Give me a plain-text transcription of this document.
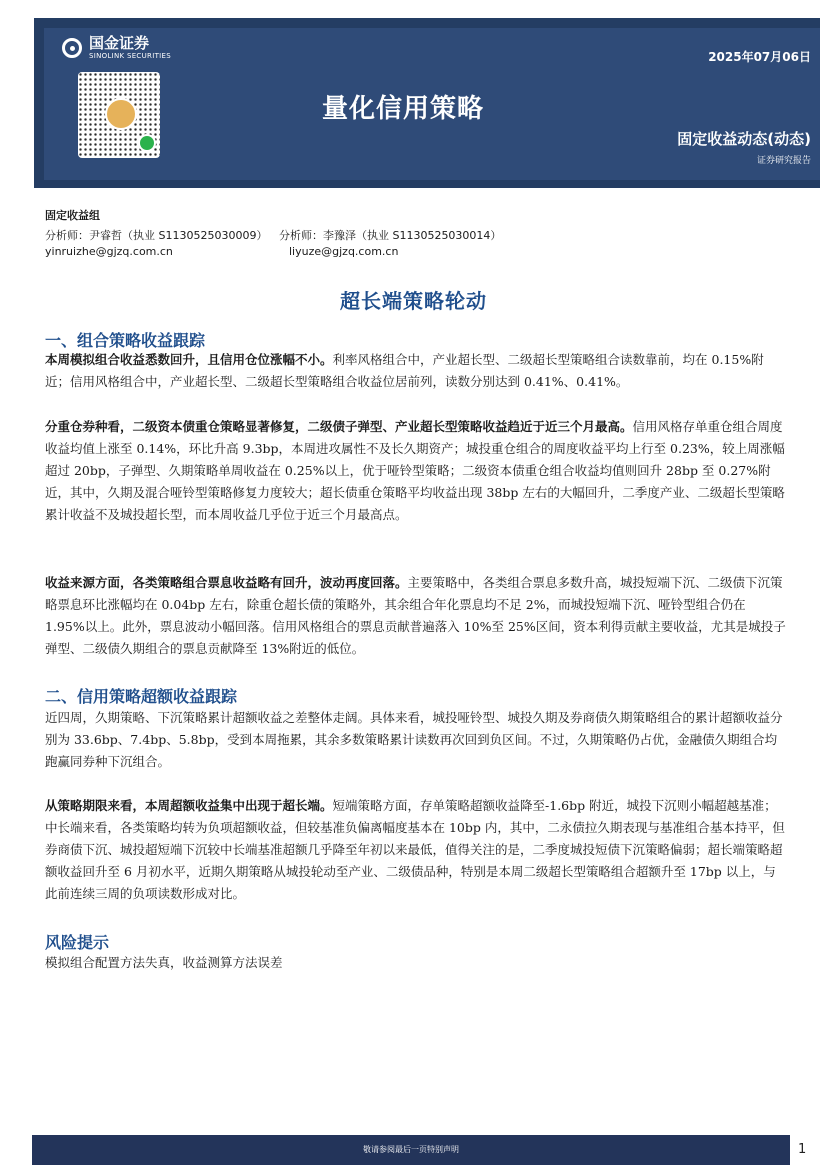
国金证券
SINOLINK SECURITIES	2025年07月06日
量化信用策略
固定收益动态(动态)
证券研究报告
固定收益组
分析师：尹睿哲（执业 S1130525030009） 分析师：李豫泽（执业 S1130525030014）
yinruizhe@gjzq.com.cn	liyuze@gjzq.com.cn
超长端策略轮动
一、组合策略收益跟踪

本周模拟组合收益悉数回升，且信用仓位涨幅不小。利率风格组合中，产业超长型、二级超长型策略组合读数靠前，均在 0.15%附近；信用风格组合中，产业超长型、二级超长型策略组合收益位居前列，读数分别达到 0.41%、0.41%。

分重仓券种看，二级资本债重仓策略显著修复，二级债子弹型、产业超长型策略收益趋近于近三个月最高。信用风格存单重仓组合周度收益均值上涨至 0.14%，环比升高 9.3bp，本周进攻属性不及长久期资产；城投重仓组合的周度收益平均上行至 0.23%，较上周涨幅超过 20bp，子弹型、久期策略单周收益在 0.25%以上，优于哑铃型策略；二级资本债重仓组合收益均值则回升 28bp 至 0.27%附近，其中，久期及混合哑铃型策略修复力度较大；超长债重仓策略平均收益出现 38bp 左右的大幅回升，二季度产业、二级超长型策略累计收益不及城投超长型，而本周收益几乎位于近三个月最高点。

收益来源方面，各类策略组合票息收益略有回升，波动再度回落。主要策略中，各类组合票息多数升高，城投短端下沉、二级债下沉策略票息环比涨幅均在 0.04bp 左右，除重仓超长债的策略外，其余组合年化票息均不足 2%，而城投短端下沉、哑铃型组合仍在 1.95%以上。此外，票息波动小幅回落。信用风格组合的票息贡献普遍落入 10%至 25%区间，资本利得贡献主要收益，尤其是城投子弹型、二级债久期组合的票息贡献降至 13%附近的低位。

二、信用策略超额收益跟踪

近四周，久期策略、下沉策略累计超额收益之差整体走阔。具体来看，城投哑铃型、城投久期及券商债久期策略组合的累计超额收益分别为 33.6bp、7.4bp、5.8bp，受到本周拖累，其余多数策略累计读数再次回到负区间。不过，久期策略仍占优，金融债久期组合均跑赢同券种下沉组合。

从策略期限来看，本周超额收益集中出现于超长端。短端策略方面，存单策略超额收益降至-1.6bp 附近，城投下沉则小幅超越基准；中长端来看，各类策略均转为负项超额收益，但较基准负偏离幅度基本在 10bp 内，其中，二永债拉久期表现与基准组合基本持平，但券商债下沉、城投超短端下沉较中长端基准超额几乎降至年初以来最低，值得关注的是，二季度城投短债下沉策略偏弱；超长端策略超额收益回升至 6 月初水平，近期久期策略从城投轮动至产业、二级债品种，特别是本周二级超长型策略组合超额升至 17bp 以上，与此前连续三周的负项读数形成对比。

风险提示

模拟组合配置方法失真，收益测算方法误差

敬请参阅最后一页特别声明	1
